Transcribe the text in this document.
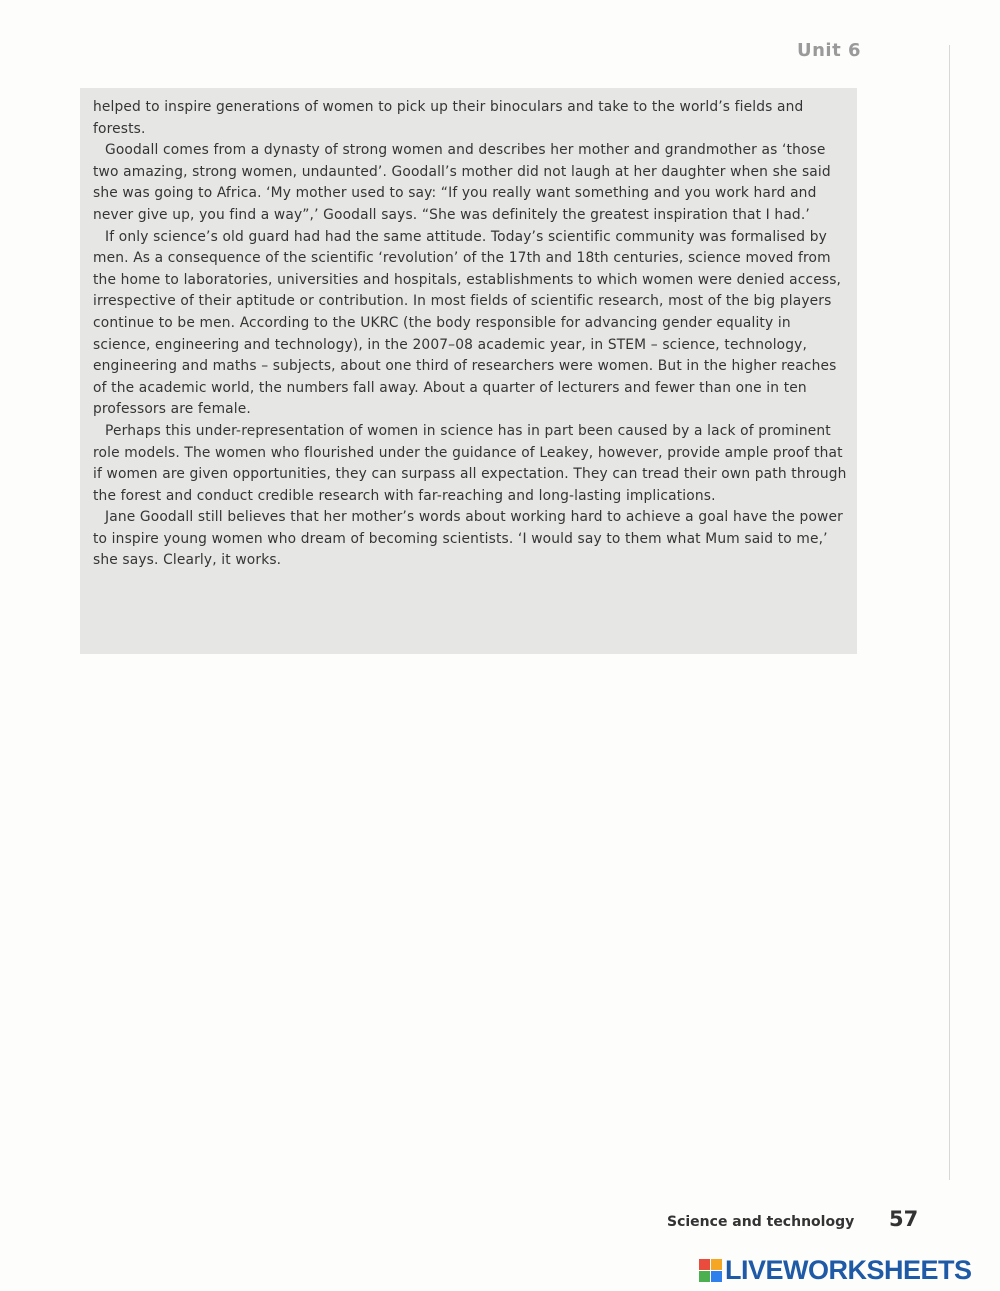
Unit 6

helped to inspire generations of women to pick up their binoculars and take to the world’s fields and forests.

Goodall comes from a dynasty of strong women and describes her mother and grandmother as ‘those two amazing, strong women, undaunted’. Goodall’s mother did not laugh at her daughter when she said she was going to Africa. ‘My mother used to say: “If you really want something and you work hard and never give up, you find a way”,’ Goodall says. “She was definitely the greatest inspiration that I had.’

If only science’s old guard had had the same attitude. Today’s scientific community was formalised by men. As a consequence of the scientific ‘revolution’ of the 17th and 18th centuries, science moved from the home to laboratories, universities and hospitals, establishments to which women were denied access, irrespective of their aptitude or contribution. In most fields of scientific research, most of the big players continue to be men. According to the UKRC (the body responsible for advancing gender equality in science, engineering and technology), in the 2007–08 academic year, in STEM – science, technology, engineering and maths – subjects, about one third of researchers were women. But in the higher reaches of the academic world, the numbers fall away. About a quarter of lecturers and fewer than one in ten professors are female.

Perhaps this under-representation of women in science has in part been caused by a lack of prominent role models. The women who flourished under the guidance of Leakey, however, provide ample proof that if women are given opportunities, they can surpass all expectation. They can tread their own path through the forest and conduct credible research with far-reaching and long-lasting implications.

Jane Goodall still believes that her mother’s words about working hard to achieve a goal have the power to inspire young women who dream of becoming scientists. ‘I would say to them what Mum said to me,’ she says. Clearly, it works.

Science and technology 57
LIVEWORKSHEETS
